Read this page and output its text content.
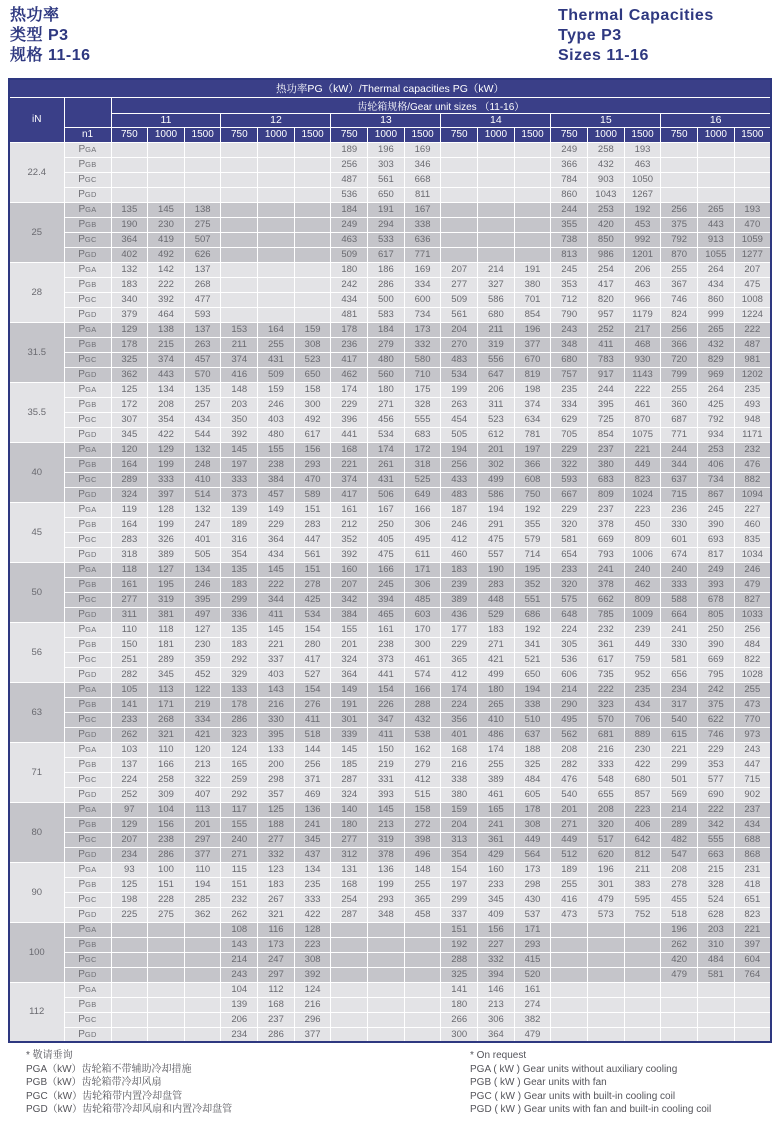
热功率
类型 P3
规格 11-16
Thermal Capacities
Type P3
Sizes 11-16
热功率PG（kW）/Thermal capacities PG（kW）																			
iN		齿轮箱规格/Gear unit sizes （11-16）																	
		11			12			13			14			15			16		
	n1	750	1000	1500	750	1000	1500	750	1000	1500	750	1000	1500	750	1000	1500	750	1000	1500
22.4	PGA							189	196	169				249	258	193			
	PGB							256	303	346				366	432	463			
	PGC							487	561	668				784	903	1050			
	PGD							536	650	811				860	1043	1267			
25	PGA	135	145	138				184	191	167				244	253	192	256	265	193
	PGB	190	230	275				249	294	338				355	420	453	375	443	470
	PGC	364	419	507				463	533	636				738	850	992	792	913	1059
	PGD	402	492	626				509	617	771				813	986	1201	870	1055	1277
28	PGA	132	142	137				180	186	169	207	214	191	245	254	206	255	264	207
	PGB	183	222	268				242	286	334	277	327	380	353	417	463	367	434	475
	PGC	340	392	477				434	500	600	509	586	701	712	820	966	746	860	1008
	PGD	379	464	593				481	583	734	561	680	854	790	957	1179	824	999	1224
31.5	PGA	129	138	137	153	164	159	178	184	173	204	211	196	243	252	217	256	265	222
	PGB	178	215	263	211	255	308	236	279	332	270	319	377	348	411	468	366	432	487
	PGC	325	374	457	374	431	523	417	480	580	483	556	670	680	783	930	720	829	981
	PGD	362	443	570	416	509	650	462	560	710	534	647	819	757	917	1143	799	969	1202
35.5	PGA	125	134	135	148	159	158	174	180	175	199	206	198	235	244	222	255	264	235
	PGB	172	208	257	203	246	300	229	271	328	263	311	374	334	395	461	360	425	493
	PGC	307	354	434	350	403	492	396	456	555	454	523	634	629	725	870	687	792	948
	PGD	345	422	544	392	480	617	441	534	683	505	612	781	705	854	1075	771	934	1171
40	PGA	120	129	132	145	155	156	168	174	172	194	201	197	229	237	221	244	253	232
	PGB	164	199	248	197	238	293	221	261	318	256	302	366	322	380	449	344	406	476
	PGC	289	333	410	333	384	470	374	431	525	433	499	608	593	683	823	637	734	882
	PGD	324	397	514	373	457	589	417	506	649	483	586	750	667	809	1024	715	867	1094
45	PGA	119	128	132	139	149	151	161	167	166	187	194	192	229	237	223	236	245	227
	PGB	164	199	247	189	229	283	212	250	306	246	291	355	320	378	450	330	390	460
	PGC	283	326	401	316	364	447	352	405	495	412	475	579	581	669	809	601	693	835
	PGD	318	389	505	354	434	561	392	475	611	460	557	714	654	793	1006	674	817	1034
50	PGA	118	127	134	135	145	151	160	166	171	183	190	195	233	241	240	240	249	246
	PGB	161	195	246	183	222	278	207	245	306	239	283	352	320	378	462	333	393	479
	PGC	277	319	395	299	344	425	342	394	485	389	448	551	575	662	809	588	678	827
	PGD	311	381	497	336	411	534	384	465	603	436	529	686	648	785	1009	664	805	1033
56	PGA	110	118	127	135	145	154	155	161	170	177	183	192	224	232	239	241	250	256
	PGB	150	181	230	183	221	280	201	238	300	229	271	341	305	361	449	330	390	484
	PGC	251	289	359	292	337	417	324	373	461	365	421	521	536	617	759	581	669	822
	PGD	282	345	452	329	403	527	364	441	574	412	499	650	606	735	952	656	795	1028
63	PGA	105	113	122	133	143	154	149	154	166	174	180	194	214	222	235	234	242	255
	PGB	141	171	219	178	216	276	191	226	288	224	265	338	290	323	434	317	375	473
	PGC	233	268	334	286	330	411	301	347	432	356	410	510	495	570	706	540	622	770
	PGD	262	321	421	323	395	518	339	411	538	401	486	637	562	681	889	615	746	973
71	PGA	103	110	120	124	133	144	145	150	162	168	174	188	208	216	230	221	229	243
	PGB	137	166	213	165	200	256	185	219	279	216	255	325	282	333	422	299	353	447
	PGC	224	258	322	259	298	371	287	331	412	338	389	484	476	548	680	501	577	715
	PGD	252	309	407	292	357	469	324	393	515	380	461	605	540	655	857	569	690	902
80	PGA	97	104	113	117	125	136	140	145	158	159	165	178	201	208	223	214	222	237
	PGB	129	156	201	155	188	241	180	213	272	204	241	308	271	320	406	289	342	434
	PGC	207	238	297	240	277	345	277	319	398	313	361	449	449	517	642	482	555	688
	PGD	234	286	377	271	332	437	312	378	496	354	429	564	512	620	812	547	663	868
90	PGA	93	100	110	115	123	134	131	136	148	154	160	173	189	196	211	208	215	231
	PGB	125	151	194	151	183	235	168	199	255	197	233	298	255	301	383	278	328	418
	PGC	198	228	285	232	267	333	254	293	365	299	345	430	416	479	595	455	524	651
	PGD	225	275	362	262	321	422	287	348	458	337	409	537	473	573	752	518	628	823
100	PGA				108	116	128				151	156	171				196	203	221
	PGB				143	173	223				192	227	293				262	310	397
	PGC				214	247	308				288	332	415				420	484	604
	PGD				243	297	392				325	394	520				479	581	764
112	PGA				104	112	124				141	146	161						
	PGB				139	168	216				180	213	274						
	PGC				206	237	296				266	306	382						
	PGD				234	286	377				300	364	479						
* 敬请垂询
PGA（kW）齿轮箱不带辅助冷却措施
PGB（kW）齿轮箱带冷却风扇
PGC（kW）齿轮箱带内置冷却盘管
PGD（kW）齿轮箱带冷却风扇和内置冷却盘管
* On request
PGA ( kW ) Gear units without auxiliary cooling
PGB ( kW ) Gear units with fan
PGC ( kW ) Gear units with built-in cooling coil
PGD ( kW ) Gear units with fan and built-in cooling coil
